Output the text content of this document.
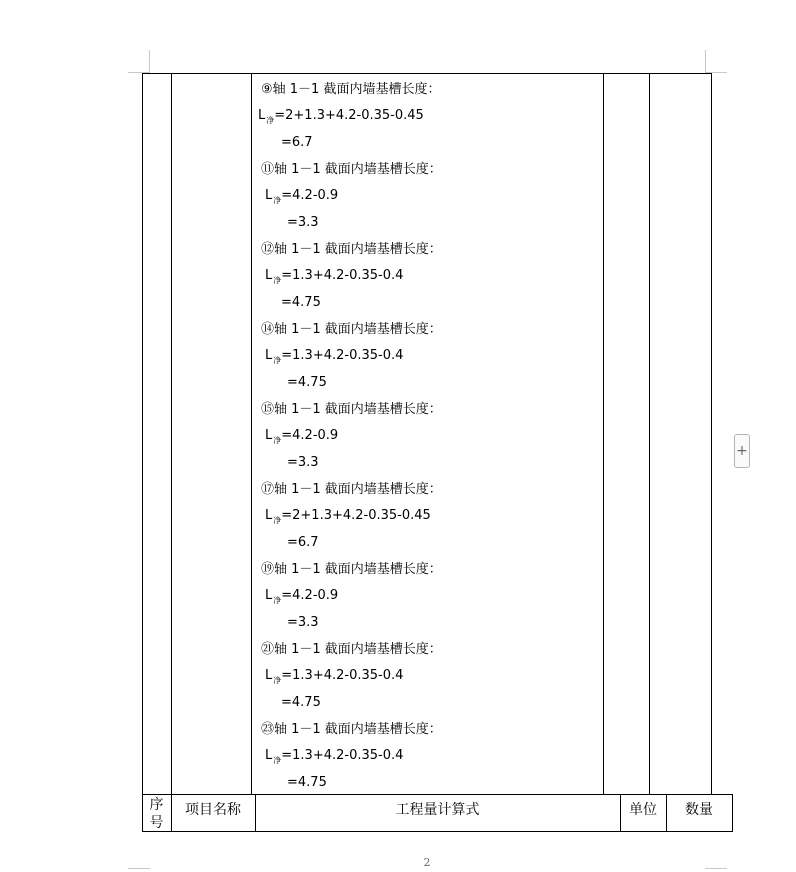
⑨轴 1－1 截面内墙基槽长度：
$L_净=2+1.3+4.2-0.35-0.45$
=6.7
⑪轴 1－1 截面内墙基槽长度：
$L_净=4.2-0.9$
=3.3
⑫轴 1－1 截面内墙基槽长度：
$L_净=1.3+4.2-0.35-0.4$
=4.75
⑭轴 1－1 截面内墙基槽长度：
$L_净=1.3+4.2-0.35-0.4$
=4.75
⑮轴 1－1 截面内墙基槽长度：
$L_净=4.2-0.9$
=3.3
⑰轴 1－1 截面内墙基槽长度：
$L_净=2+1.3+4.2-0.35-0.45$
=6.7
⑲轴 1－1 截面内墙基槽长度：
$L_净=4.2-0.9$
=3.3
㉑轴 1－1 截面内墙基槽长度：
$L_净=1.3+4.2-0.35-0.4$
=4.75
㉓轴 1－1 截面内墙基槽长度：
$L_净=1.3+4.2-0.35-0.4$
=4.75
序
号
项目名称	工程量计算式	单位	数量
+
2
